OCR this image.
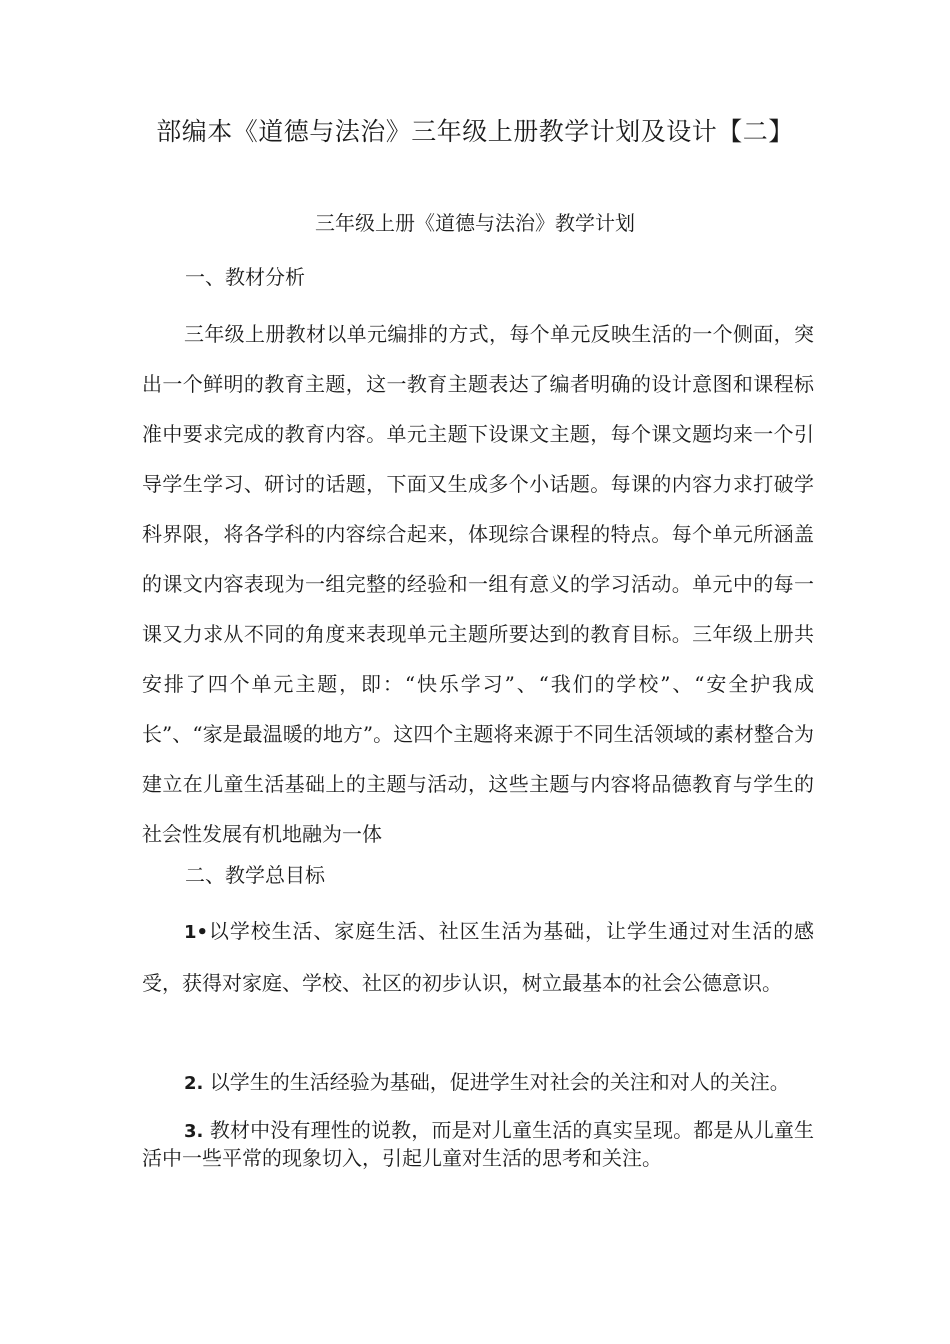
部编本《道德与法治》三年级上册教学计划及设计【二】
三年级上册《道德与法治》教学计划
一、教材分析

三年级上册教材以单元编排的方式，每个单元反映生活的一个侧面，突出一个鲜明的教育主题，这一教育主题表达了编者明确的设计意图和课程标准中要求完成的教育内容。单元主题下设课文主题，每个课文题均来一个引导学生学习、研讨的话题，下面又生成多个小话题。每课的内容力求打破学科界限，将各学科的内容综合起来，体现综合课程的特点。每个单元所涵盖的课文内容表现为一组完整的经验和一组有意义的学习活动。单元中的每一课又力求从不同的角度来表现单元主题所要达到的教育目标。三年级上册共安排了四个单元主题，即：“快乐学习”、“我们的学校”、“安全护我成长”、“家是最温暖的地方”。这四个主题将来源于不同生活领域的素材整合为建立在儿童生活基础上的主题与活动，这些主题与内容将品德教育与学生的社会性发展有机地融为一体

二、教学总目标

1•以学校生活、家庭生活、社区生活为基础，让学生通过对生活的感受，获得对家庭、学校、社区的初步认识，树立最基本的社会公德意识。

2. 以学生的生活经验为基础，促进学生对社会的关注和对人的关注。

3. 教材中没有理性的说教，而是对儿童生活的真实呈现。都是从儿童生活中一些平常的现象切入，引起儿童对生活的思考和关注。
